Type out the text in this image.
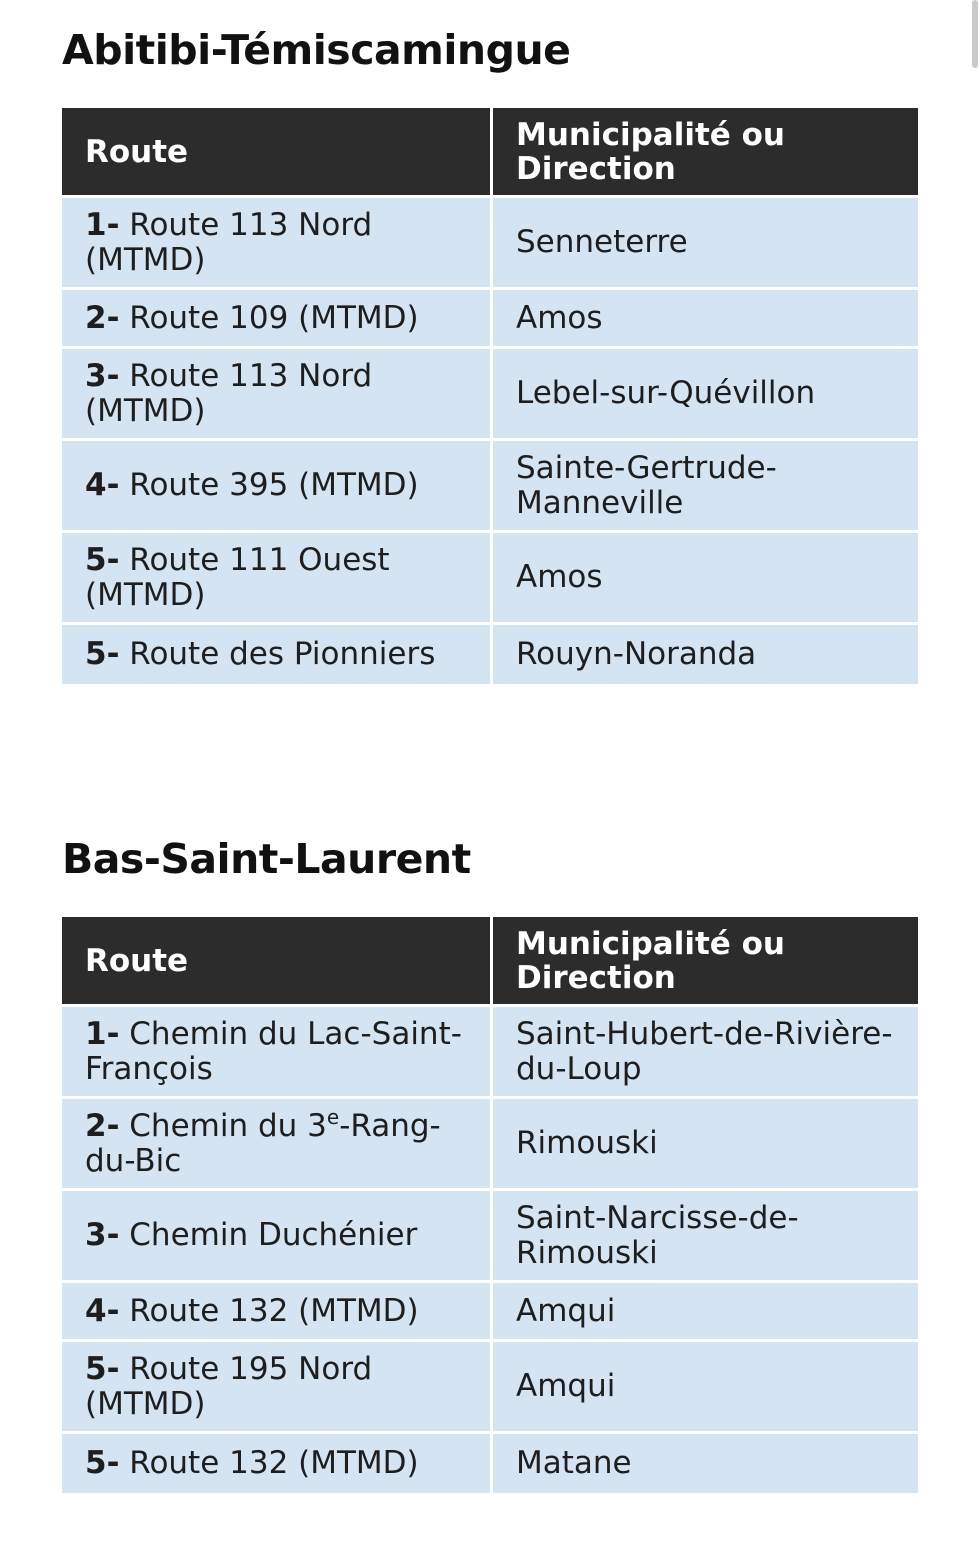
Abitibi-Témiscamingue
Route	Municipalité ou Direction
1- Route 113 Nord (MTMD)	Senneterre
2- Route 109 (MTMD)	Amos
3- Route 113 Nord (MTMD)	Lebel-sur-Quévillon
4- Route 395 (MTMD)	Sainte-Gertrude-Manneville
5- Route 111 Ouest (MTMD)	Amos
5- Route des Pionniers	Rouyn-Noranda
Bas-Saint-Laurent
Route	Municipalité ou Direction
1- Chemin du Lac-Saint-François	Saint-Hubert-de-Rivière-du-Loup
2- Chemin du 3e-Rang-du-Bic	Rimouski
3- Chemin Duchénier	Saint-Narcisse-de-Rimouski
4- Route 132 (MTMD)	Amqui
5- Route 195 Nord (MTMD)	Amqui
5- Route 132 (MTMD)	Matane
